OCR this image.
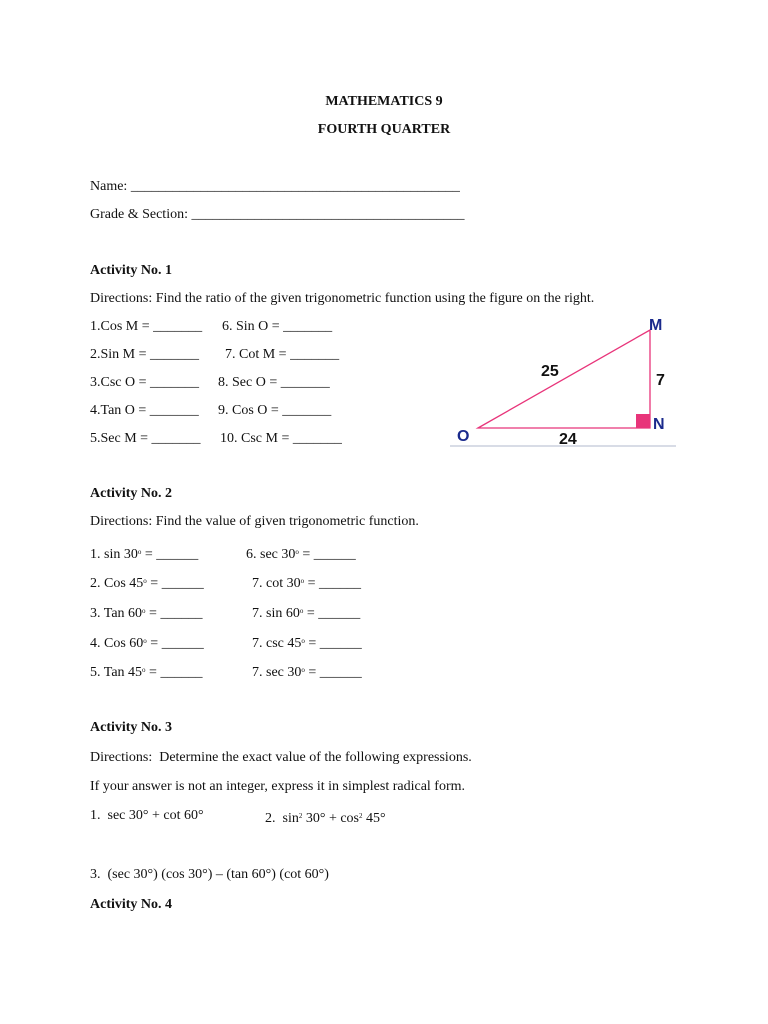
MATHEMATICS 9
FOURTH QUARTER
Name: _______________________________________________
Grade & Section: _______________________________________
Activity No. 1
Directions: Find the ratio of the given trigonometric function using the figure on the right.
1.Cos M = _______
2.Sin M = _______
3.Csc O = _______
4.Tan O = _______
5.Sec M = _______
6. Sin O = _______
7. Cot M = _______
8. Sec O = _______
9. Cos O = _______
10. Csc M = _______	O
M
N
25
7
24
Activity No. 2
Directions: Find the value of given trigonometric function.
1. $\sin 30^o$ = ______
2. Cos $45^o$ = ______
3. Tan $60^o$ = ______
4. Cos $60^o$ = ______
5. Tan $45^o$ = ______
6. $\sec 30^o$ = ______
7. $\cot 30^o$ = ______
7. $\sin 60^o$ = ______
7. $\csc 45^o$ = ______
7. $\sec 30^o$ = ______
Activity No. 3
Directions:  Determine the exact value of the following expressions.
If your answer is not an integer, express it in simplest radical form.
1.  sec 30° + cot 60°	2.  $\sin^2 30^\circ + \cos^2 45^\circ$
3.  (sec 30°) (cos 30°) – (tan 60°) (cot 60°)
Activity No. 4
